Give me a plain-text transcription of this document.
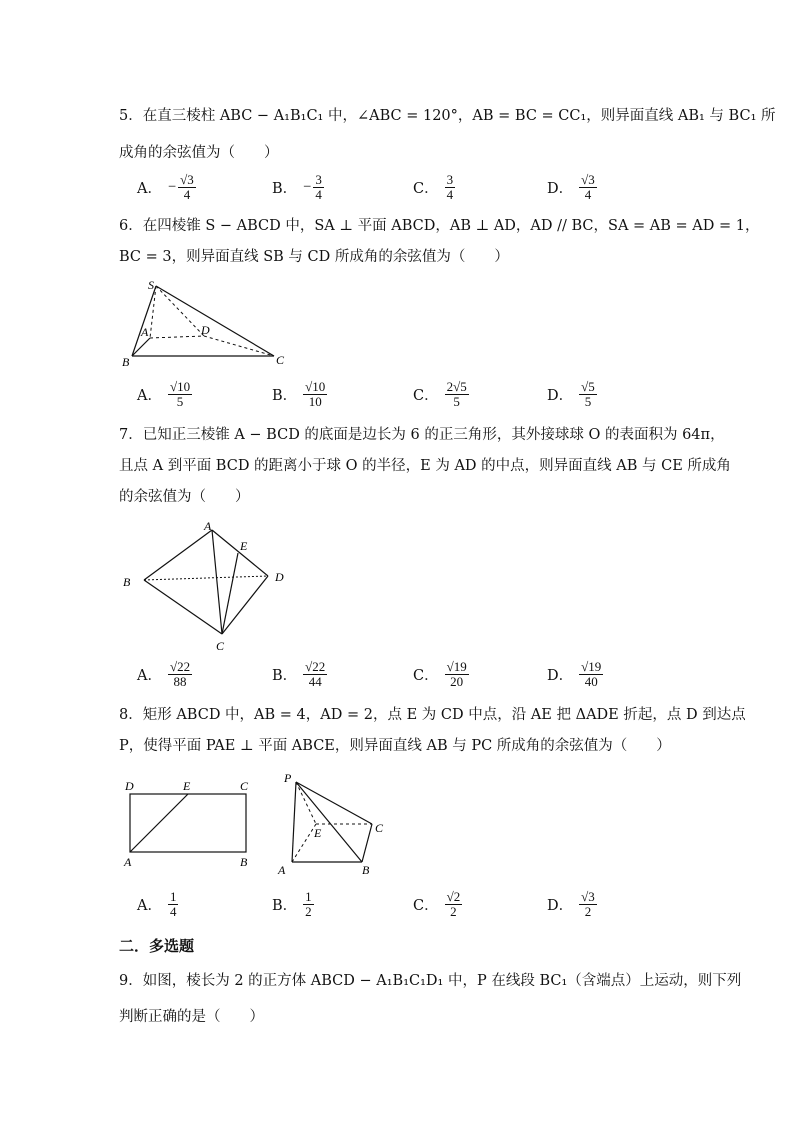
5．在直三棱柱 ABC − A₁B₁C₁ 中，∠ABC = 120°，AB = BC = CC₁，则异面直线 AB₁ 与 BC₁ 所
成角的余弦值为（　　）
A． − $\frac{√3}{4}$	B． − $\frac{3}{4}$	C． $\frac{3}{4}$	D． $\frac{√3}{4}$
6．在四棱锥 S − ABCD 中，SA ⊥ 平面 ABCD，AB ⊥ AD，AD // BC，SA = AB = AD = 1，
BC = 3，则异面直线 SB 与 CD 所成角的余弦值为（　　）
S
A
B	C
D
A． $\frac{√10}{5}$	B． $\frac{√10}{10}$	C． $\frac{2√5}{5}$	D． $\frac{√5}{5}$
7．已知正三棱锥 A − BCD 的底面是边长为 6 的正三角形，其外接球球 O 的表面积为 64π，
且点 A 到平面 BCD 的距离小于球 O 的半径，E 为 AD 的中点，则异面直线 AB 与 CE 所成角
的余弦值为（　　）
A
E
B	D
C
A． $\frac{√22}{88}$	B． $\frac{√22}{44}$	C． $\frac{√19}{20}$	D． $\frac{√19}{40}$
8．矩形 ABCD 中，AB = 4，AD = 2，点 E 为 CD 中点，沿 AE 把 ΔADE 折起，点 D 到达点
P，使得平面 PAE ⊥ 平面 ABCE，则异面直线 AB 与 PC 所成角的余弦值为（　　）
D	E	C
A	B
P
E	C
A	B
A． $\frac{1}{4}$	B． $\frac{1}{2}$	C． $\frac{√2}{2}$	D． $\frac{√3}{2}$
二．多选题
9．如图，棱长为 2 的正方体 ABCD − A₁B₁C₁D₁ 中，P 在线段 BC₁（含端点）上运动，则下列
判断正确的是（　　）
